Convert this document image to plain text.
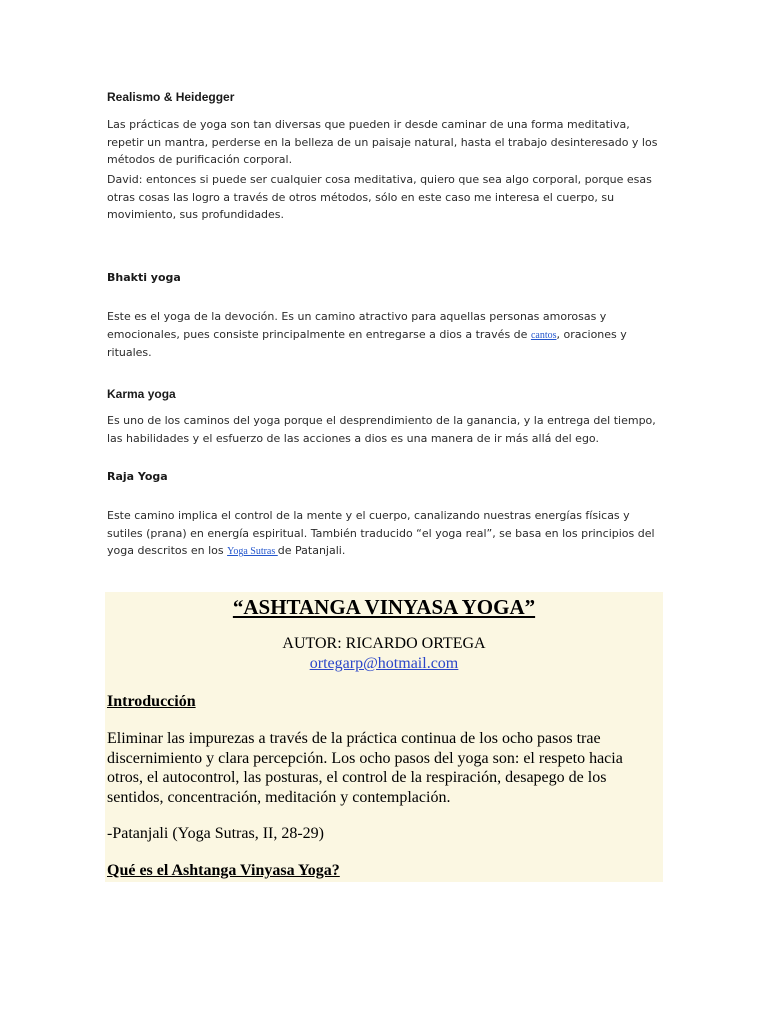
Realismo & Heidegger

Las prácticas de yoga son tan diversas que pueden ir desde caminar de una forma meditativa, repetir un mantra, perderse en la belleza de un paisaje natural, hasta el trabajo desinteresado y los métodos de purificación corporal.

David: entonces si puede ser cualquier cosa meditativa, quiero que sea algo corporal, porque esas otras cosas las logro a través de otros métodos, sólo en este caso me interesa el cuerpo, su movimiento, sus profundidades.

Bhakti yoga

Este es el yoga de la devoción. Es un camino atractivo para aquellas personas amorosas y emocionales, pues consiste principalmente en entregarse a dios a través de cantos, oraciones y rituales.

Karma yoga

Es uno de los caminos del yoga porque el desprendimiento de la ganancia, y la entrega del tiempo, las habilidades y el esfuerzo de las acciones a dios es una manera de ir más allá del ego.

Raja Yoga

Este camino implica el control de la mente y el cuerpo, canalizando nuestras energías físicas y sutiles (prana) en energía espiritual. También traducido “el yoga real”, se basa en los principios del yoga descritos en los Yoga Sutras de Patanjali.

“ASHTANGA VINYASA YOGA”

AUTOR: RICARDO ORTEGA

ortegarp@hotmail.com

Introducción

Eliminar las impurezas a través de la práctica continua de los ocho pasos trae discernimiento y clara percepción. Los ocho pasos del yoga son: el respeto hacia otros, el autocontrol, las posturas, el control de la respiración, desapego de los sentidos, concentración, meditación y contemplación.

-Patanjali (Yoga Sutras, II, 28-29)

Qué es el Ashtanga Vinyasa Yoga?
